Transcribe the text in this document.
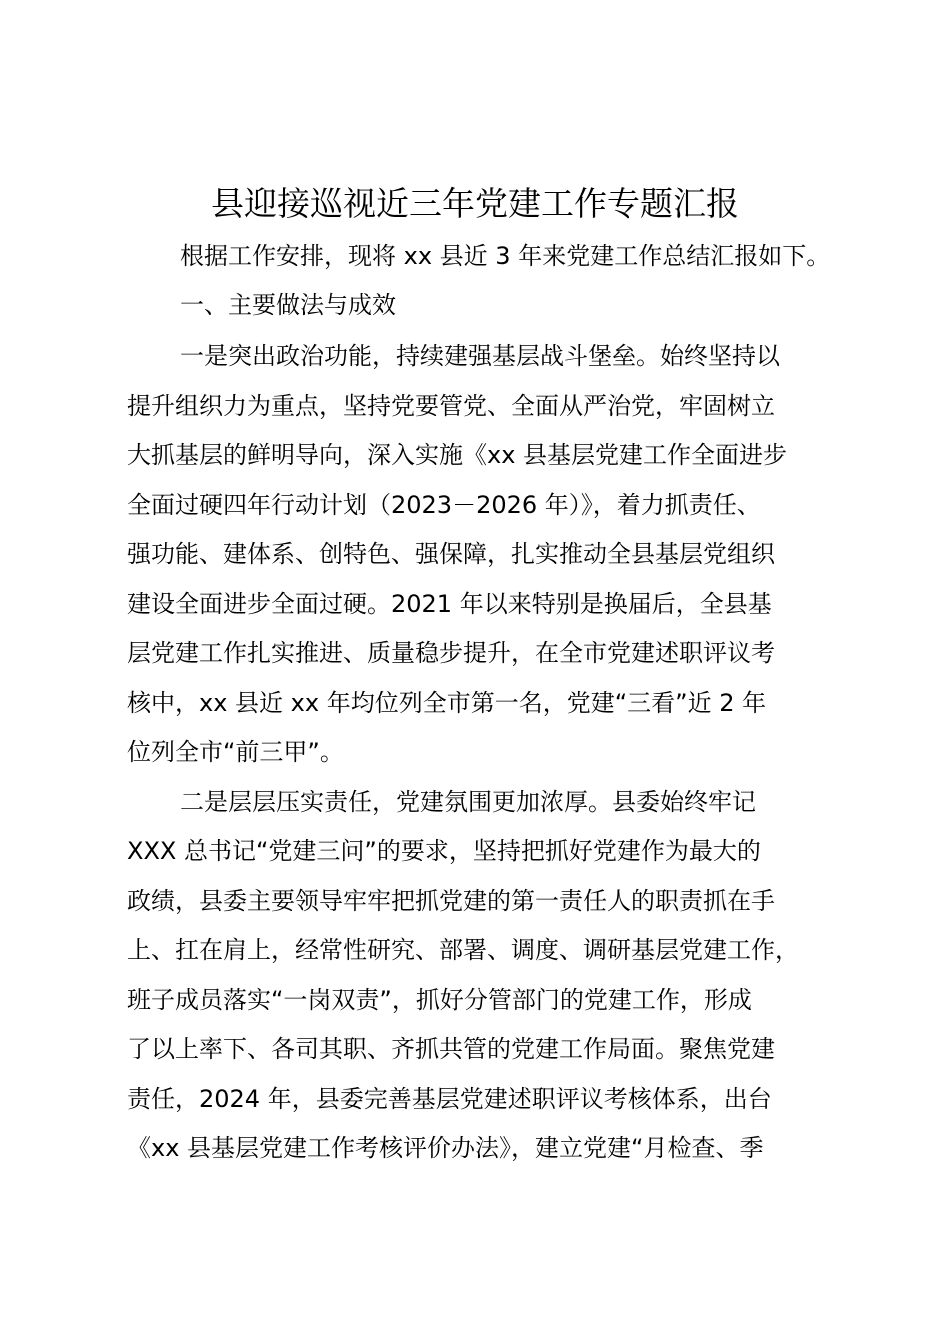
县迎接巡视近三年党建工作专题汇报
根据工作安排，现将 xx 县近 3 年来党建工作总结汇报如下。
一、主要做法与成效
一是突出政治功能，持续建强基层战斗堡垒。始终坚持以
提升组织力为重点，坚持党要管党、全面从严治党，牢固树立
大抓基层的鲜明导向，深入实施《xx 县基层党建工作全面进步
全面过硬四年行动计划（2023－2026 年）》，着力抓责任、
强功能、建体系、创特色、强保障，扎实推动全县基层党组织
建设全面进步全面过硬。2021 年以来特别是换届后，全县基
层党建工作扎实推进、质量稳步提升，在全市党建述职评议考
核中，xx 县近 xx 年均位列全市第一名，党建“三看”近 2 年
位列全市“前三甲”。
二是层层压实责任，党建氛围更加浓厚。县委始终牢记
XXX 总书记“党建三问”的要求，坚持把抓好党建作为最大的
政绩，县委主要领导牢牢把抓党建的第一责任人的职责抓在手
上、扛在肩上，经常性研究、部署、调度、调研基层党建工作，
班子成员落实“一岗双责”，抓好分管部门的党建工作，形成
了以上率下、各司其职、齐抓共管的党建工作局面。聚焦党建
责任，2024 年，县委完善基层党建述职评议考核体系，出台
《xx 县基层党建工作考核评价办法》，建立党建“月检查、季
